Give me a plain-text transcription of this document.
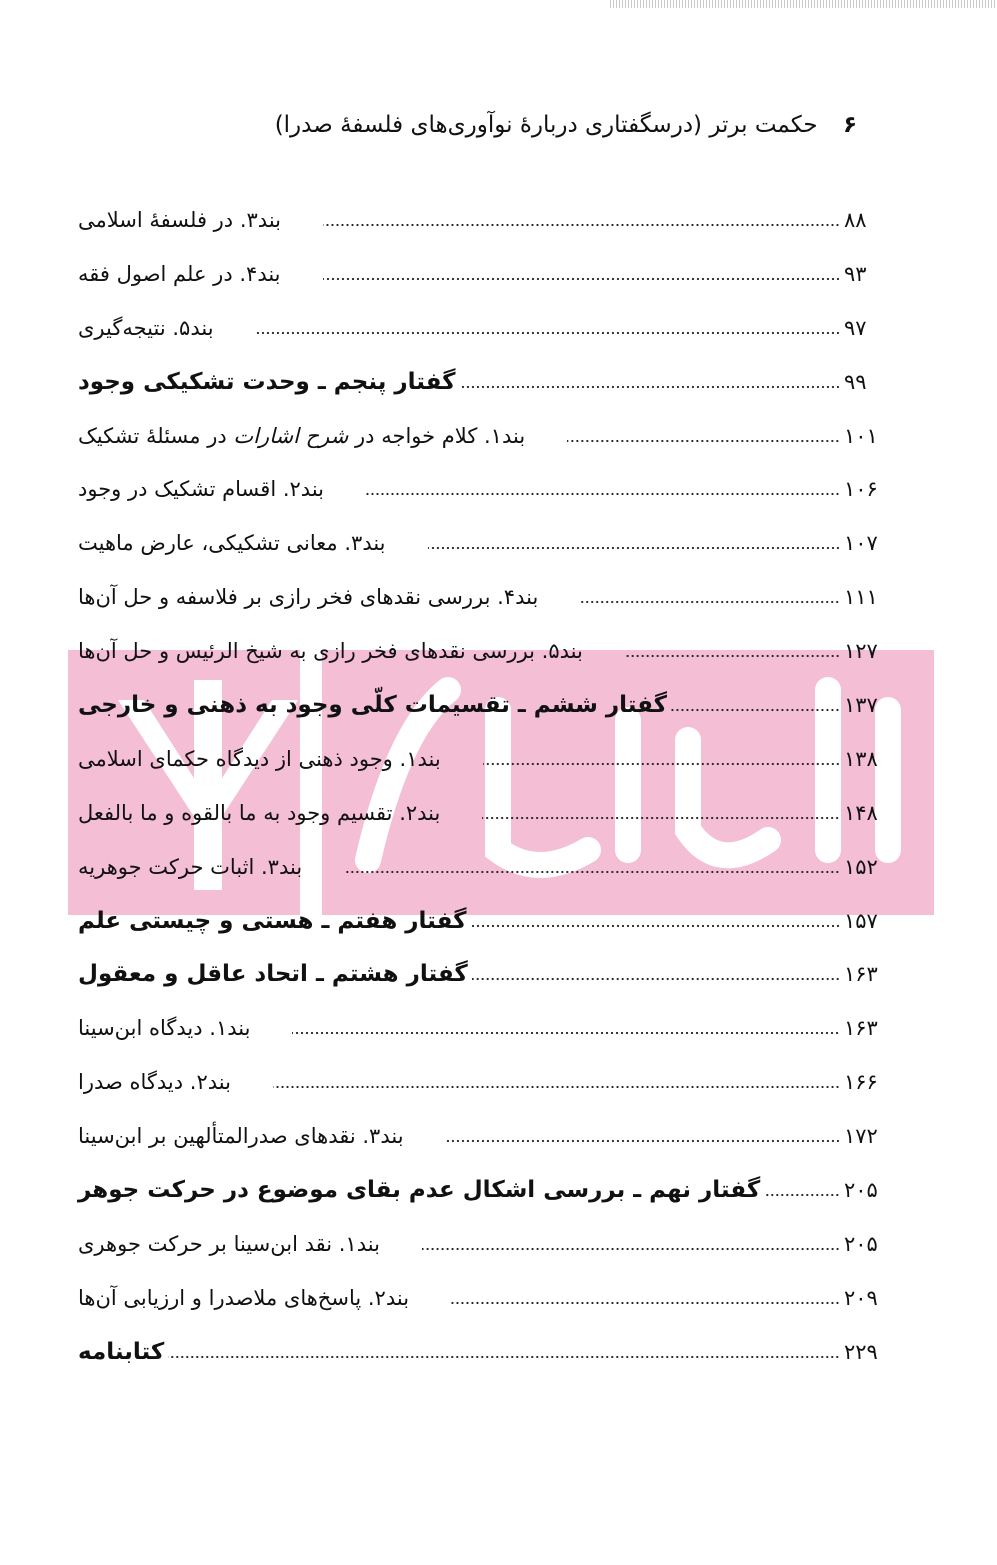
۶ حکمت برتر (درسگفتاری دربارهٔ نوآوری‌های فلسفهٔ صدرا)
بند۳. در فلسفهٔ اسلامی	۸۸
بند۴. در علم اصول فقه	۹۳
بند۵. نتیجه‌گیری	۹۷
گفتار پنجم ـ وحدت تشکیکی وجود	۹۹
بند۱. کلام خواجه در شرح اشارات در مسئلهٔ تشکیک	۱۰۱
بند۲. اقسام تشکیک در وجود	۱۰۶
بند۳. معانی تشکیکی، عارض ماهیت	۱۰۷
بند۴. بررسی نقدهای فخر رازی بر فلاسفه و حل آن‌ها	۱۱۱
بند۵. بررسی نقدهای فخر رازی به شیخ الرئیس و حل آن‌ها	۱۲۷
گفتار ششم ـ تقسیمات کلّی وجود به ذهنی و خارجی	۱۳۷
بند۱. وجود ذهنی از دیدگاه حکمای اسلامی	۱۳۸
بند۲. تقسیم وجود به ما بالقوه و ما بالفعل	۱۴۸
بند۳. اثبات حرکت جوهریه	۱۵۲
گفتار هفتم ـ هستی و چیستی علم	۱۵۷
گفتار هشتم ـ اتحاد عاقل و معقول	۱۶۳
بند۱. دیدگاه ابن‌سینا	۱۶۳
بند۲. دیدگاه صدرا	۱۶۶
بند۳. نقدهای صدرالمتألهین بر ابن‌سینا	۱۷۲
گفتار نهم ـ بررسی اشکال عدم بقای موضوع در حرکت جوهر	۲۰۵
بند۱. نقد ابن‌سینا بر حرکت جوهری	۲۰۵
بند۲. پاسخ‌های ملاصدرا و ارزیابی آن‌ها	۲۰۹
کتابنامه	۲۲۹
